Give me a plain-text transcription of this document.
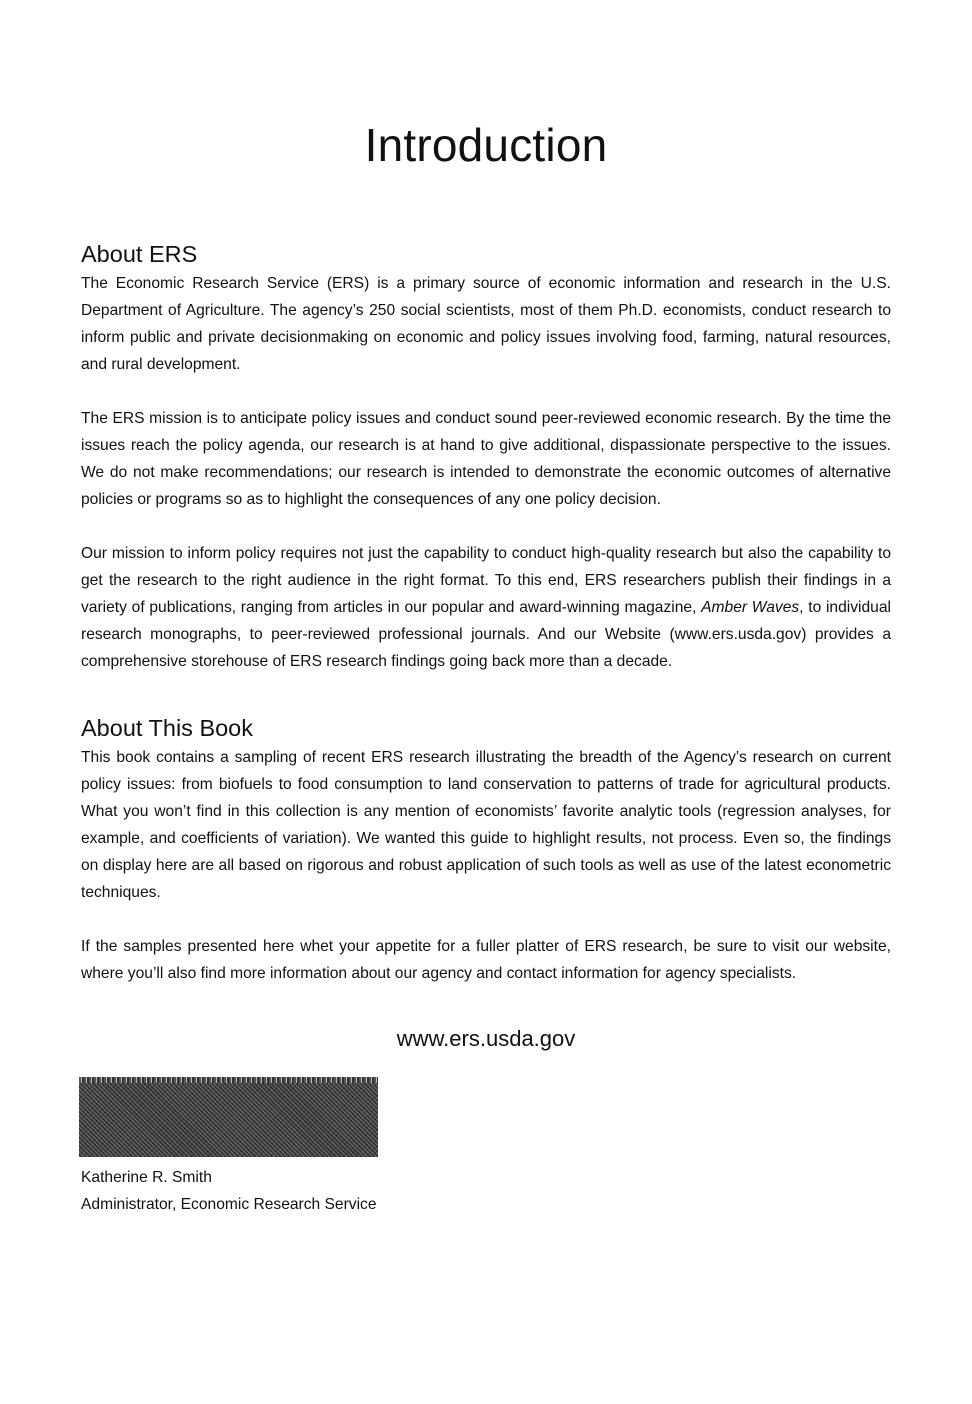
Introduction
About ERS

The Economic Research Service (ERS) is a primary source of economic information and research in the U.S. Department of Agriculture. The agency’s 250 social scientists, most of them Ph.D. economists, conduct research to inform public and private decisionmaking on economic and policy issues involving food, farming, natural resources, and rural development.

The ERS mission is to anticipate policy issues and conduct sound peer-reviewed economic research. By the time the issues reach the policy agenda, our research is at hand to give additional, dispassionate perspective to the issues. We do not make recommendations; our research is intended to demonstrate the economic outcomes of alternative policies or programs so as to highlight the consequences of any one policy decision.

Our mission to inform policy requires not just the capability to conduct high-quality research but also the capability to get the research to the right audience in the right format. To this end, ERS researchers publish their findings in a variety of publications, ranging from articles in our popular and award-winning magazine, Amber Waves, to individual research monographs, to peer-reviewed professional journals. And our Website (www.ers.usda.gov) provides a comprehensive storehouse of ERS research findings going back more than a decade.

About This Book

This book contains a sampling of recent ERS research illustrating the breadth of the Agency’s research on current policy issues: from biofuels to food consumption to land conservation to patterns of trade for agricultural products. What you won’t find in this collection is any mention of economists’ favorite analytic tools (regression analyses, for example, and coefficients of variation). We wanted this guide to highlight results, not process. Even so, the findings on display here are all based on rigorous and robust application of such tools as well as use of the latest econometric techniques.

If the samples presented here whet your appetite for a fuller platter of ERS research, be sure to visit our website, where you’ll also find more information about our agency and contact information for agency specialists.

www.ers.usda.gov

Katherine R. Smith

Administrator, Economic Research Service
